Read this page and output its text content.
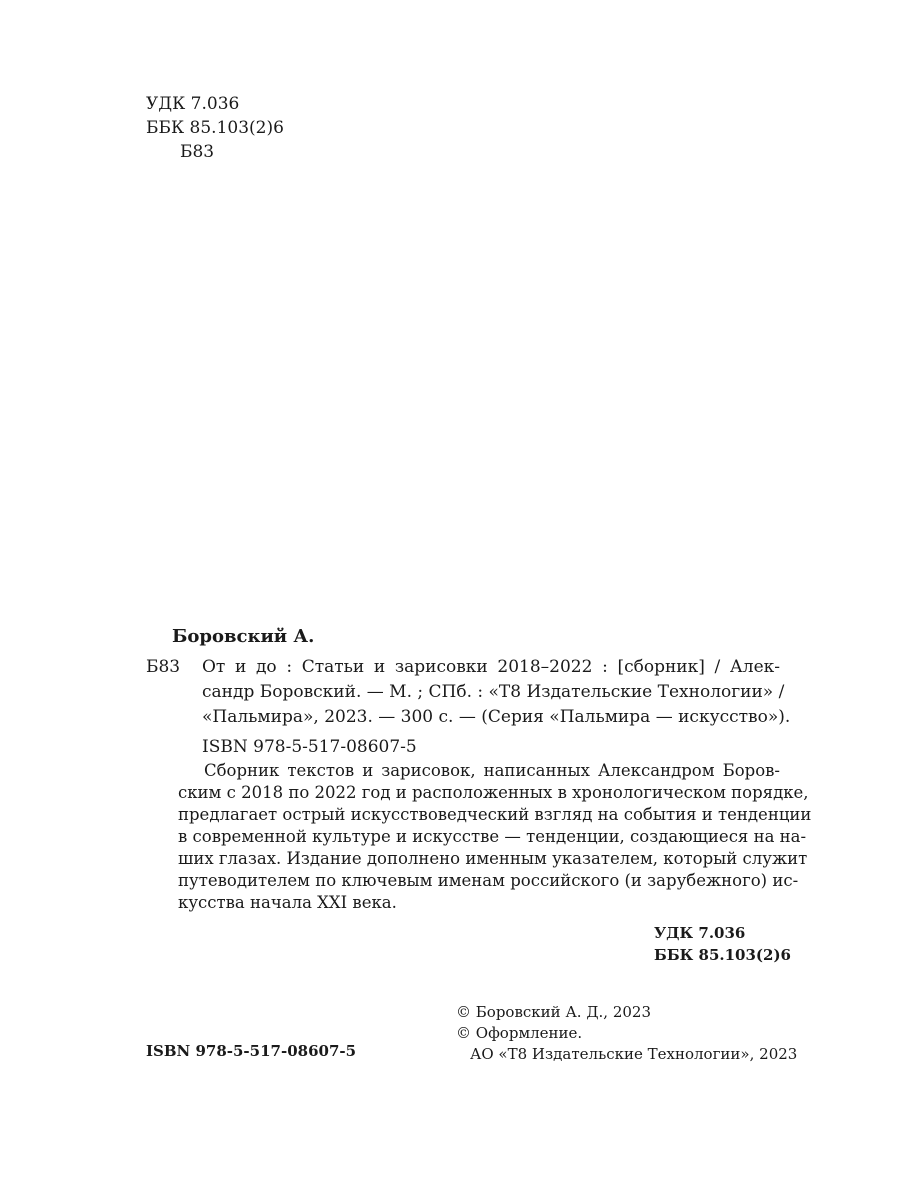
УДК 7.036
ББК 85.103(2)6
Б83
Боровский А.
Б83 От и до : Статьи и зарисовки 2018–2022 : [сборник] / Алек-
сандр Боровский. — М. ; СПб. : «Т8 Издательские Технологии» /
«Пальмира», 2023. — 300 с. — (Серия «Пальмира — искусство»).
ISBN 978-5-517-08607-5
Сборник текстов и зарисовок, написанных Александром Боров-
ским с 2018 по 2022 год и расположенных в хронологическом порядке,
предлагает острый искусствоведческий взгляд на события и тенденции
в современной культуре и искусстве — тенденции, создающиеся на на-
ших глазах. Издание дополнено именным указателем, который служит
путеводителем по ключевым именам российского (и зарубежного) ис-
кусства начала XXI века.
УДК 7.036
ББК 85.103(2)6
© Боровский А. Д., 2023
© Оформление.
АО «Т8 Издательские Технологии», 2023
ISBN 978-5-517-08607-5
